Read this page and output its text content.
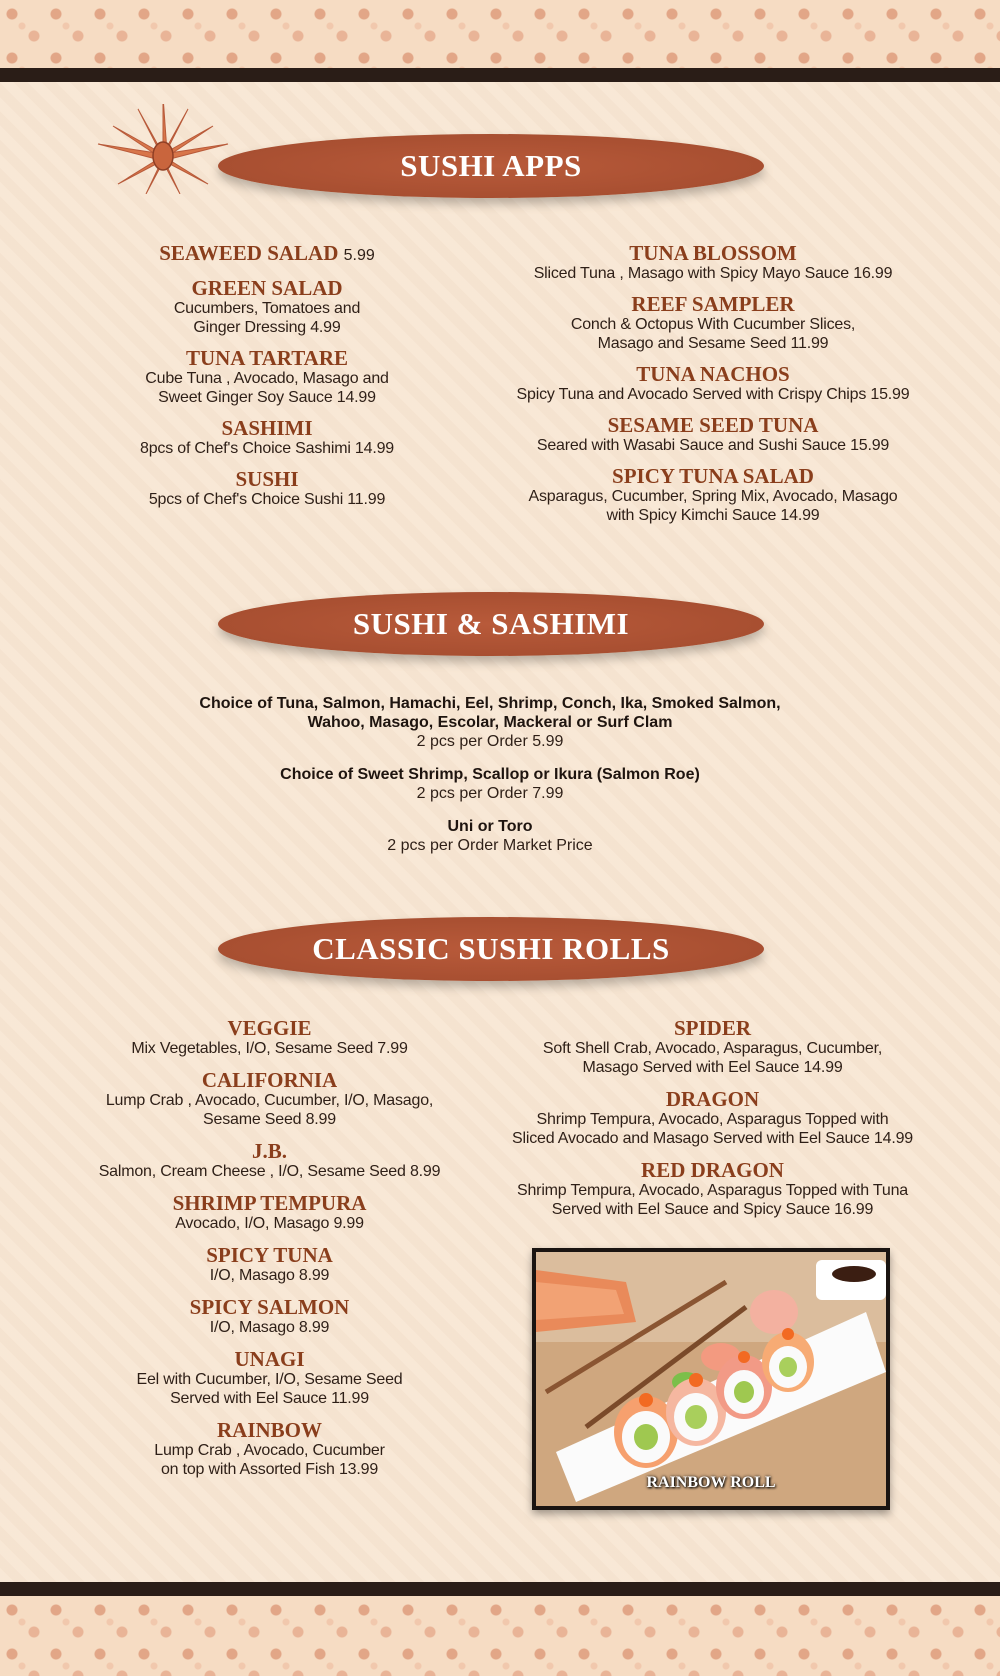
SUSHI APPS
SEAWEED SALAD 5.99
GREEN SALAD
Cucumbers, Tomatoes and
Ginger Dressing 4.99
TUNA TARTARE
Cube Tuna , Avocado, Masago and
Sweet Ginger Soy Sauce 14.99
SASHIMI
8pcs of Chef's Choice Sashimi 14.99
SUSHI
5pcs of Chef's Choice Sushi 11.99
TUNA BLOSSOM
Sliced Tuna , Masago with Spicy Mayo Sauce 16.99
REEF SAMPLER
Conch & Octopus With Cucumber Slices,
Masago and Sesame Seed 11.99
TUNA NACHOS
Spicy Tuna and Avocado Served with Crispy Chips 15.99
SESAME SEED TUNA
Seared with Wasabi Sauce and Sushi Sauce 15.99
SPICY TUNA SALAD
Asparagus, Cucumber, Spring Mix, Avocado, Masago
with Spicy Kimchi Sauce 14.99
SUSHI & SASHIMI
Choice of Tuna, Salmon, Hamachi, Eel, Shrimp, Conch, Ika, Smoked Salmon,
Wahoo, Masago, Escolar, Mackeral or Surf Clam
2 pcs per Order 5.99
Choice of Sweet Shrimp, Scallop or Ikura (Salmon Roe)
2 pcs per Order 7.99
Uni or Toro
2 pcs per Order Market Price
CLASSIC SUSHI ROLLS
VEGGIE
Mix Vegetables, I/O, Sesame Seed 7.99
CALIFORNIA
Lump Crab , Avocado, Cucumber, I/O, Masago,
Sesame Seed 8.99
J.B.
Salmon, Cream Cheese , I/O, Sesame Seed 8.99
SHRIMP TEMPURA
Avocado, I/O, Masago 9.99
SPICY TUNA
I/O, Masago 8.99
SPICY SALMON
I/O, Masago 8.99
UNAGI
Eel with Cucumber, I/O, Sesame Seed
Served with Eel Sauce 11.99
RAINBOW
Lump Crab , Avocado, Cucumber
on top with Assorted Fish 13.99
SPIDER
Soft Shell Crab, Avocado, Asparagus, Cucumber,
Masago Served with Eel Sauce 14.99
DRAGON
Shrimp Tempura, Avocado, Asparagus Topped with
Sliced Avocado and Masago Served with Eel Sauce 14.99
RED DRAGON
Shrimp Tempura, Avocado, Asparagus Topped with Tuna
Served with Eel Sauce and Spicy Sauce 16.99
RAINBOW ROLL
